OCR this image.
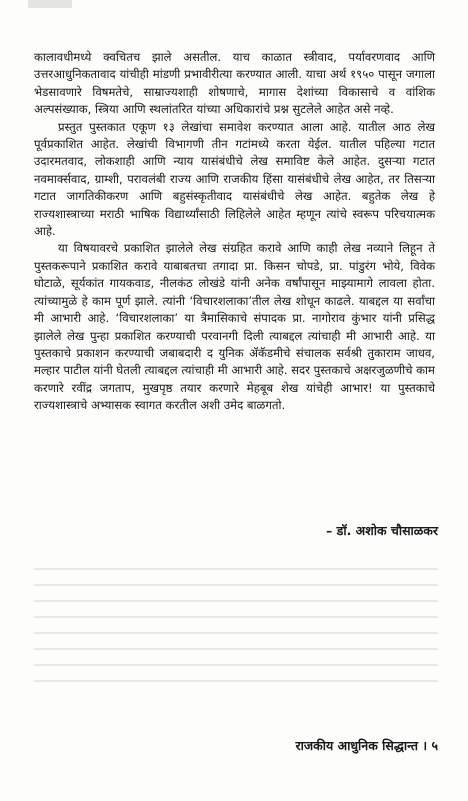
कालावधीमध्ये क्वचितच झाले असतील. याच काळात स्त्रीवाद, पर्यावरणवाद आणि उत्तरआधुनिकतावाद यांचीही मांडणी प्रभावीरीत्या करण्यात आली. याचा अर्थ १९५० पासून जगाला भेडसावणारे विषमतेचे, साम्राज्यशाही शोषणाचे, मागास देशांच्या विकासाचे व वांशिक अल्पसंख्याक, स्त्रिया आणि स्थलांतरित यांच्या अधिकारांचे प्रश्न सुटलेले आहेत असे नव्हे.

प्रस्तुत पुस्तकात एकूण १३ लेखांचा समावेश करण्यात आला आहे. यातील आठ लेख पूर्वप्रकाशित आहेत. लेखांची विभागणी तीन गटांमध्ये करता येईल. यातील पहिल्या गटात उदारमतवाद, लोकशाही आणि न्याय यासंबंधीचे लेख समाविष्ट केले आहेत. दुसऱ्या गटात नवमार्क्सवाद, ग्राम्शी, परावलंबी राज्य आणि राजकीय हिंसा यासंबंधीचे लेख आहेत, तर तिसऱ्या गटात जागतिकीकरण आणि बहुसंस्कृतीवाद यासंबंधीचे लेख आहेत. बहुतेक लेख हे राज्यशास्त्राच्या मराठी भाषिक विद्यार्थ्यांसाठी लिहिलेले आहेत म्हणून त्यांचे स्वरूप परिचयात्मक आहे.

या विषयावरचे प्रकाशित झालेले लेख संग्रहित करावे आणि काही लेख नव्याने लिहून ते पुस्तकरूपाने प्रकाशित करावे याबाबतचा तगादा प्रा. किसन चोपडे, प्रा. पांडुरंग भोये, विवेक घोटाळे, सूर्यकांत गायकवाड, नीलकंठ लोखंडे यांनी अनेक वर्षांपासून माझ्यामागे लावला होता. त्यांच्यामुळे हे काम पूर्ण झाले. त्यांनी ‘विचारशलाका’तील लेख शोधून काढले. याबद्दल या सर्वांचा मी आभारी आहे. ‘विचारशलाका’ या त्रैमासिकाचे संपादक प्रा. नागोराव कुंभार यांनी प्रसिद्ध झालेले लेख पुन्हा प्रकाशित करण्याची परवानगी दिली त्याबद्दल त्यांचाही मी आभारी आहे. या पुस्तकाचे प्रकाशन करण्याची जबाबदारी द युनिक ॲकॅडमीचे संचालक सर्वश्री तुकाराम जाधव, मल्हार पाटील यांनी घेतली त्याबद्दल त्यांचाही मी आभारी आहे. सदर पुस्तकाचे अक्षरजुळणीचे काम करणारे रवींद्र जगताप, मुखपृष्ठ तयार करणारे मेहबूब शेख यांचेही आभार! या पुस्तकाचे राज्यशास्त्राचे अभ्यासक स्वागत करतील अशी उमेद बाळगतो.

– डॉ. अशोक चौसाळकर
राजकीय आधुनिक सिद्धान्त । ५
